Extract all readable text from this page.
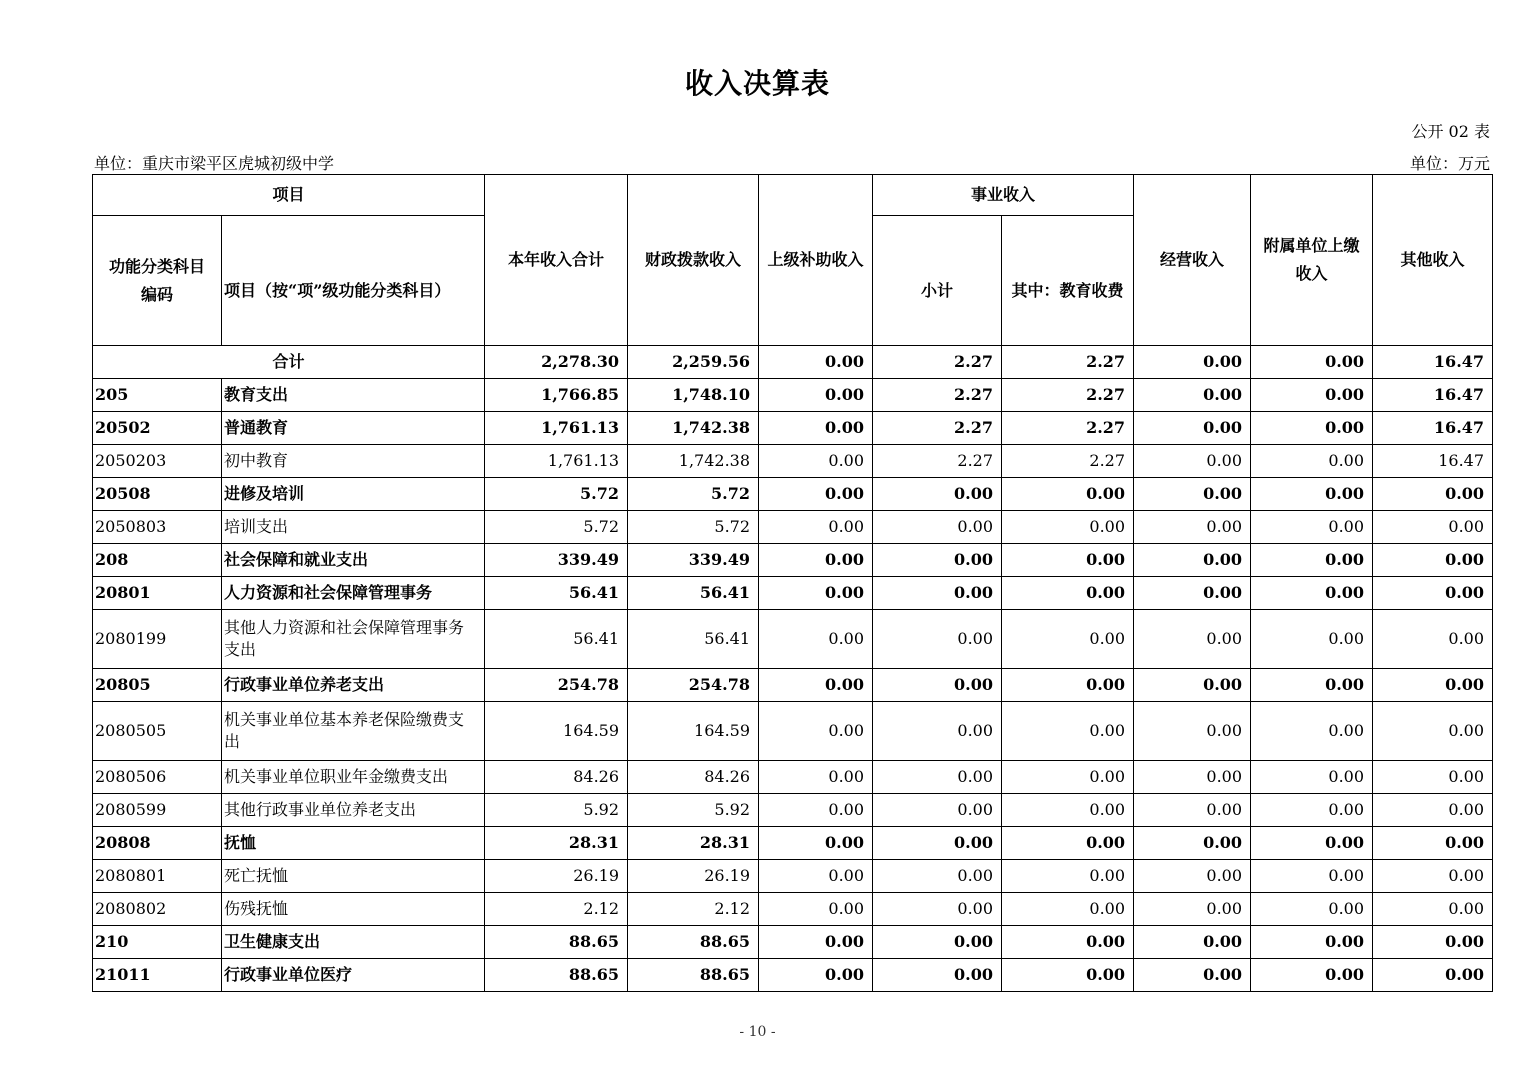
收入决算表
公开 02 表
单位：重庆市梁平区虎城初级中学	单位：万元
项目		本年收入合计	财政拨款收入	上级补助收入	事业收入		经营收入	附属单位上缴收入	其他收入
功能分类科目编码	项目（按“项”级功能分类科目）				小计	其中：教育收费			
合计		2,278.30	2,259.56	0.00	2.27	2.27	0.00	0.00	16.47
205	教育支出	1,766.85	1,748.10	0.00	2.27	2.27	0.00	0.00	16.47
20502	普通教育	1,761.13	1,742.38	0.00	2.27	2.27	0.00	0.00	16.47
2050203	初中教育	1,761.13	1,742.38	0.00	2.27	2.27	0.00	0.00	16.47
20508	进修及培训	5.72	5.72	0.00	0.00	0.00	0.00	0.00	0.00
2050803	培训支出	5.72	5.72	0.00	0.00	0.00	0.00	0.00	0.00
208	社会保障和就业支出	339.49	339.49	0.00	0.00	0.00	0.00	0.00	0.00
20801	人力资源和社会保障管理事务	56.41	56.41	0.00	0.00	0.00	0.00	0.00	0.00
2080199	其他人力资源和社会保障管理事务支出	56.41	56.41	0.00	0.00	0.00	0.00	0.00	0.00
20805	行政事业单位养老支出	254.78	254.78	0.00	0.00	0.00	0.00	0.00	0.00
2080505	机关事业单位基本养老保险缴费支出	164.59	164.59	0.00	0.00	0.00	0.00	0.00	0.00
2080506	机关事业单位职业年金缴费支出	84.26	84.26	0.00	0.00	0.00	0.00	0.00	0.00
2080599	其他行政事业单位养老支出	5.92	5.92	0.00	0.00	0.00	0.00	0.00	0.00
20808	抚恤	28.31	28.31	0.00	0.00	0.00	0.00	0.00	0.00
2080801	死亡抚恤	26.19	26.19	0.00	0.00	0.00	0.00	0.00	0.00
2080802	伤残抚恤	2.12	2.12	0.00	0.00	0.00	0.00	0.00	0.00
210	卫生健康支出	88.65	88.65	0.00	0.00	0.00	0.00	0.00	0.00
21011	行政事业单位医疗	88.65	88.65	0.00	0.00	0.00	0.00	0.00	0.00
- 10 -
